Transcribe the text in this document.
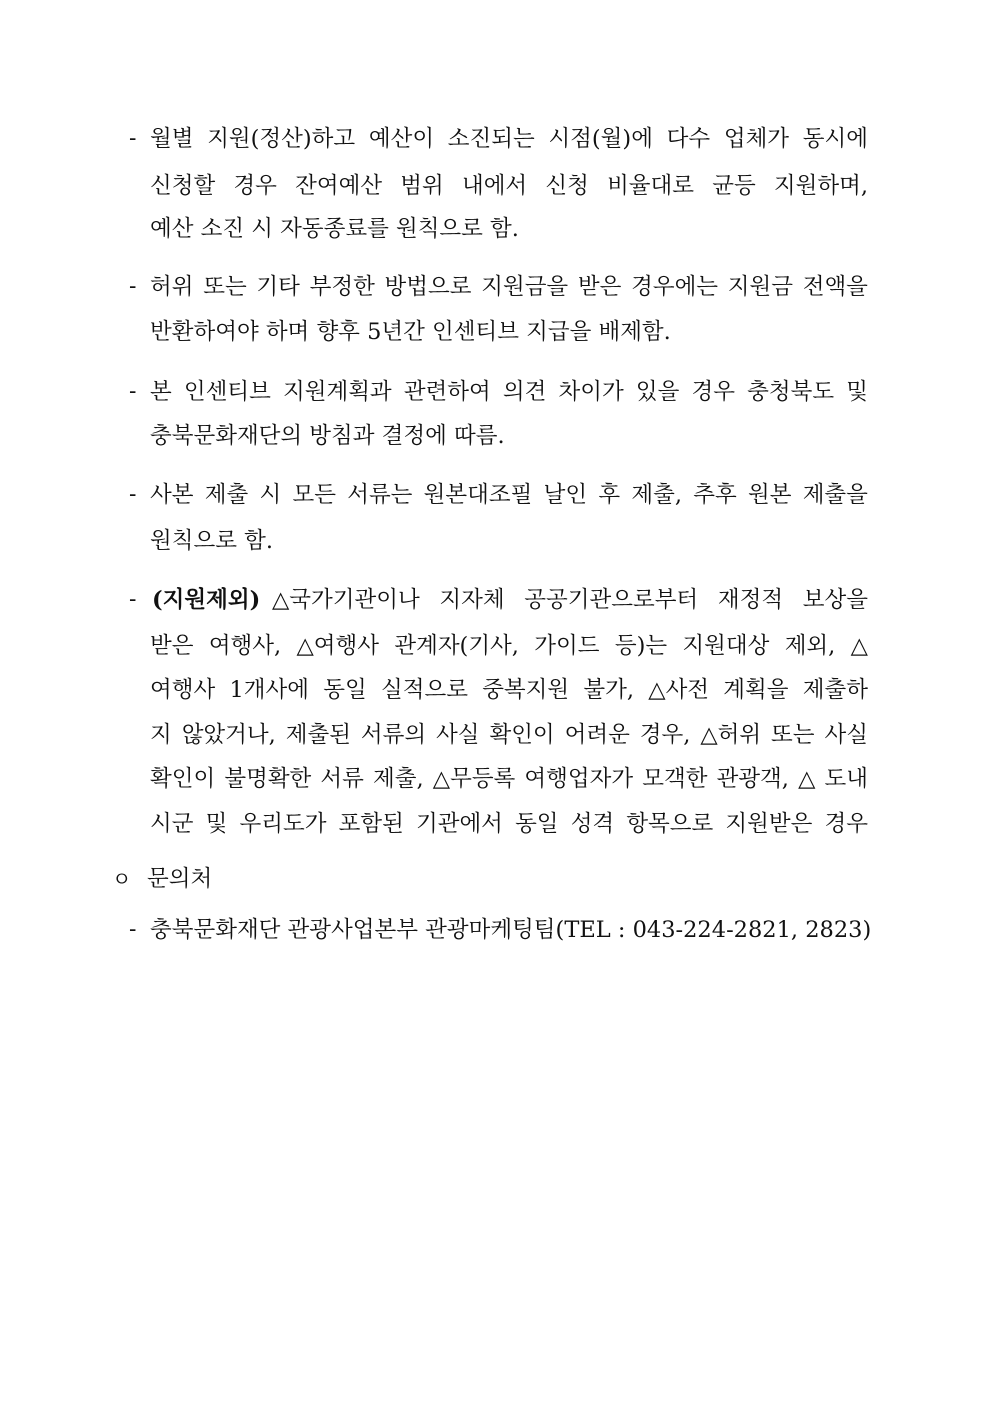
- 월별 지원(정산)하고 예산이 소진되는 시점(월)에 다수 업체가 동시에
신청할 경우 잔여예산 범위 내에서 신청 비율대로 균등 지원하며,
예산 소진 시 자동종료를 원칙으로 함.
- 허위 또는 기타 부정한 방법으로 지원금을 받은 경우에는 지원금 전액을
반환하여야 하며 향후 5년간 인센티브 지급을 배제함.
- 본 인센티브 지원계획과 관련하여 의견 차이가 있을 경우 충청북도 및
충북문화재단의 방침과 결정에 따름.
- 사본 제출 시 모든 서류는 원본대조필 날인 후 제출, 추후 원본 제출을
원칙으로 함.
- (지원제외) △국가기관이나 지자체 공공기관으로부터 재정적 보상을
받은 여행사, △여행사 관계자(기사, 가이드 등)는 지원대상 제외, △
여행사 1개사에 동일 실적으로 중복지원 불가, △사전 계획을 제출하
지 않았거나, 제출된 서류의 사실 확인이 어려운 경우, △허위 또는 사실
확인이 불명확한 서류 제출, △무등록 여행업자가 모객한 관광객, △ 도내
시군 및 우리도가 포함된 기관에서 동일 성격 항목으로 지원받은 경우
ㅇ 문의처
- 충북문화재단 관광사업본부 관광마케팅팀(TEL : 043-224-2821, 2823)
